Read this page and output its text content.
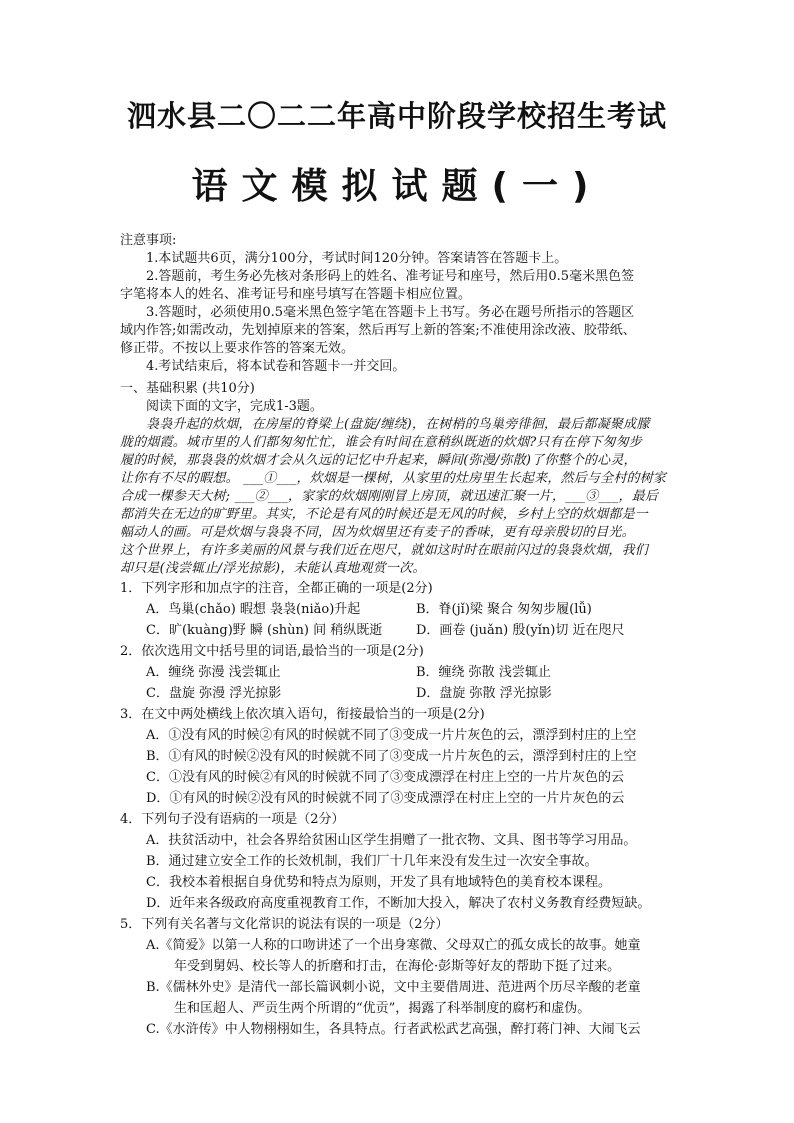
泗水县二〇二二年高中阶段学校招生考试
语文模拟试题(一)
注意事项:
1.本试题共6页，满分100分，考试时间120分钟。答案请答在答题卡上。
2.答题前，考生务必先核对条形码上的姓名、准考证号和座号，然后用0.5毫米黑色签
字笔将本人的姓名、准考证号和座号填写在答题卡相应位置。
3.答题时，必须使用0.5毫米黑色签字笔在答题卡上书写。务必在题号所指示的答题区
域内作答;如需改动，先划掉原来的答案，然后再写上新的答案;不准使用涂改液、胶带纸、
修正带。不按以上要求作答的答案无效。
4.考试结束后，将本试卷和答题卡一并交回。
一、基础积累 (共10分)
阅读下面的文字，完成1-3题。
袅袅升起的炊烟，在房屋的脊梁上(盘旋/缠绕)，在树梢的鸟巢旁徘徊，最后都凝聚成朦
胧的烟霞。城市里的人们都匆匆忙忙，谁会有时间在意稍纵既逝的炊烟?只有在停下匆匆步
履的时候，那袅袅的炊烟才会从久远的记忆中升起来，瞬间(弥漫/弥散)了你整个的心灵，
让你有不尽的暇想。 ___①___，炊烟是一棵树，从家里的灶房里生长起来，然后与全村的树家
合成一棵参天大树; ___②___，家家的炊烟刚刚冒上房顶，就迅速汇聚一片，___③___，最后
都消失在无边的旷野里。其实，不论是有风的时候还是无风的时候，乡村上空的炊烟都是一
幅动人的画。可是炊烟与袅袅不同，因为炊烟里还有麦子的香味，更有母亲殷切的目光。
这个世界上，有许多美丽的风景与我们近在咫尺，就如这时时在眼前闪过的袅袅炊烟，我们
却只是(浅尝辄止/浮光掠影)，未能认真地观赏一次。
1．下列字形和加点字的注音，全都正确的一项是(2分)
A．鸟巢(chǎo) 暇想 袅袅(niǎo)升起	B．脊(jǐ)梁 聚合 匆匆步履(lǚ)
C．旷(kuàng)野 瞬 (shùn) 间 稍纵既逝	D．画卷 (juǎn) 殷(yǐn)切 近在咫尺
2．依次选用文中括号里的词语,最恰当的一项是(2分)
A．缠绕 弥漫 浅尝辄止	B．缠绕 弥散 浅尝辄止
C．盘旋 弥漫 浮光掠影	D．盘旋 弥散 浮光掠影
3．在文中两处横线上依次填入语句，衔接最恰当的一项是(2分)
A．①没有风的时候②有风的时候就不同了③变成一片片灰色的云，漂浮到村庄的上空
B．①有风的时候②没有风的时候就不同了③变成一片片灰色的云，漂浮到村庄的上空
C．①没有风的时候②有风的时候就不同了③变成漂浮在村庄上空的一片片灰色的云
D．①有风的时候②没有风的时候就不同了③变成漂浮在村庄上空的一片片灰色的云
4．下列句子没有语病的一项是（2分）
A．扶贫活动中，社会各界给贫困山区学生捐赠了一批衣物、文具、图书等学习用品。
B．通过建立安全工作的长效机制，我们厂十几年来没有发生过一次安全事故。
C．我校本着根据自身优势和特点为原则，开发了具有地域特色的美育校本课程。
D．近年来各级政府高度重视教育工作，不断加大投入，解决了农村义务教育经费短缺。
5．下列有关名著与文化常识的说法有误的一项是（2分）
A.《简爱》以第一人称的口吻讲述了一个出身寒微、父母双亡的孤女成长的故事。她童
年受到舅妈、校长等人的折磨和打击，在海伦·彭斯等好友的帮助下挺了过来。
B.《儒林外史》是清代一部长篇讽刺小说，文中主要借周进、范进两个历尽辛酸的老童
生和匡超人、严贡生两个所谓的“优贡”，揭露了科举制度的腐朽和虚伪。
C.《水浒传》中人物栩栩如生，各具特点。行者武松武艺高强，醉打蒋门神、大闹飞云
